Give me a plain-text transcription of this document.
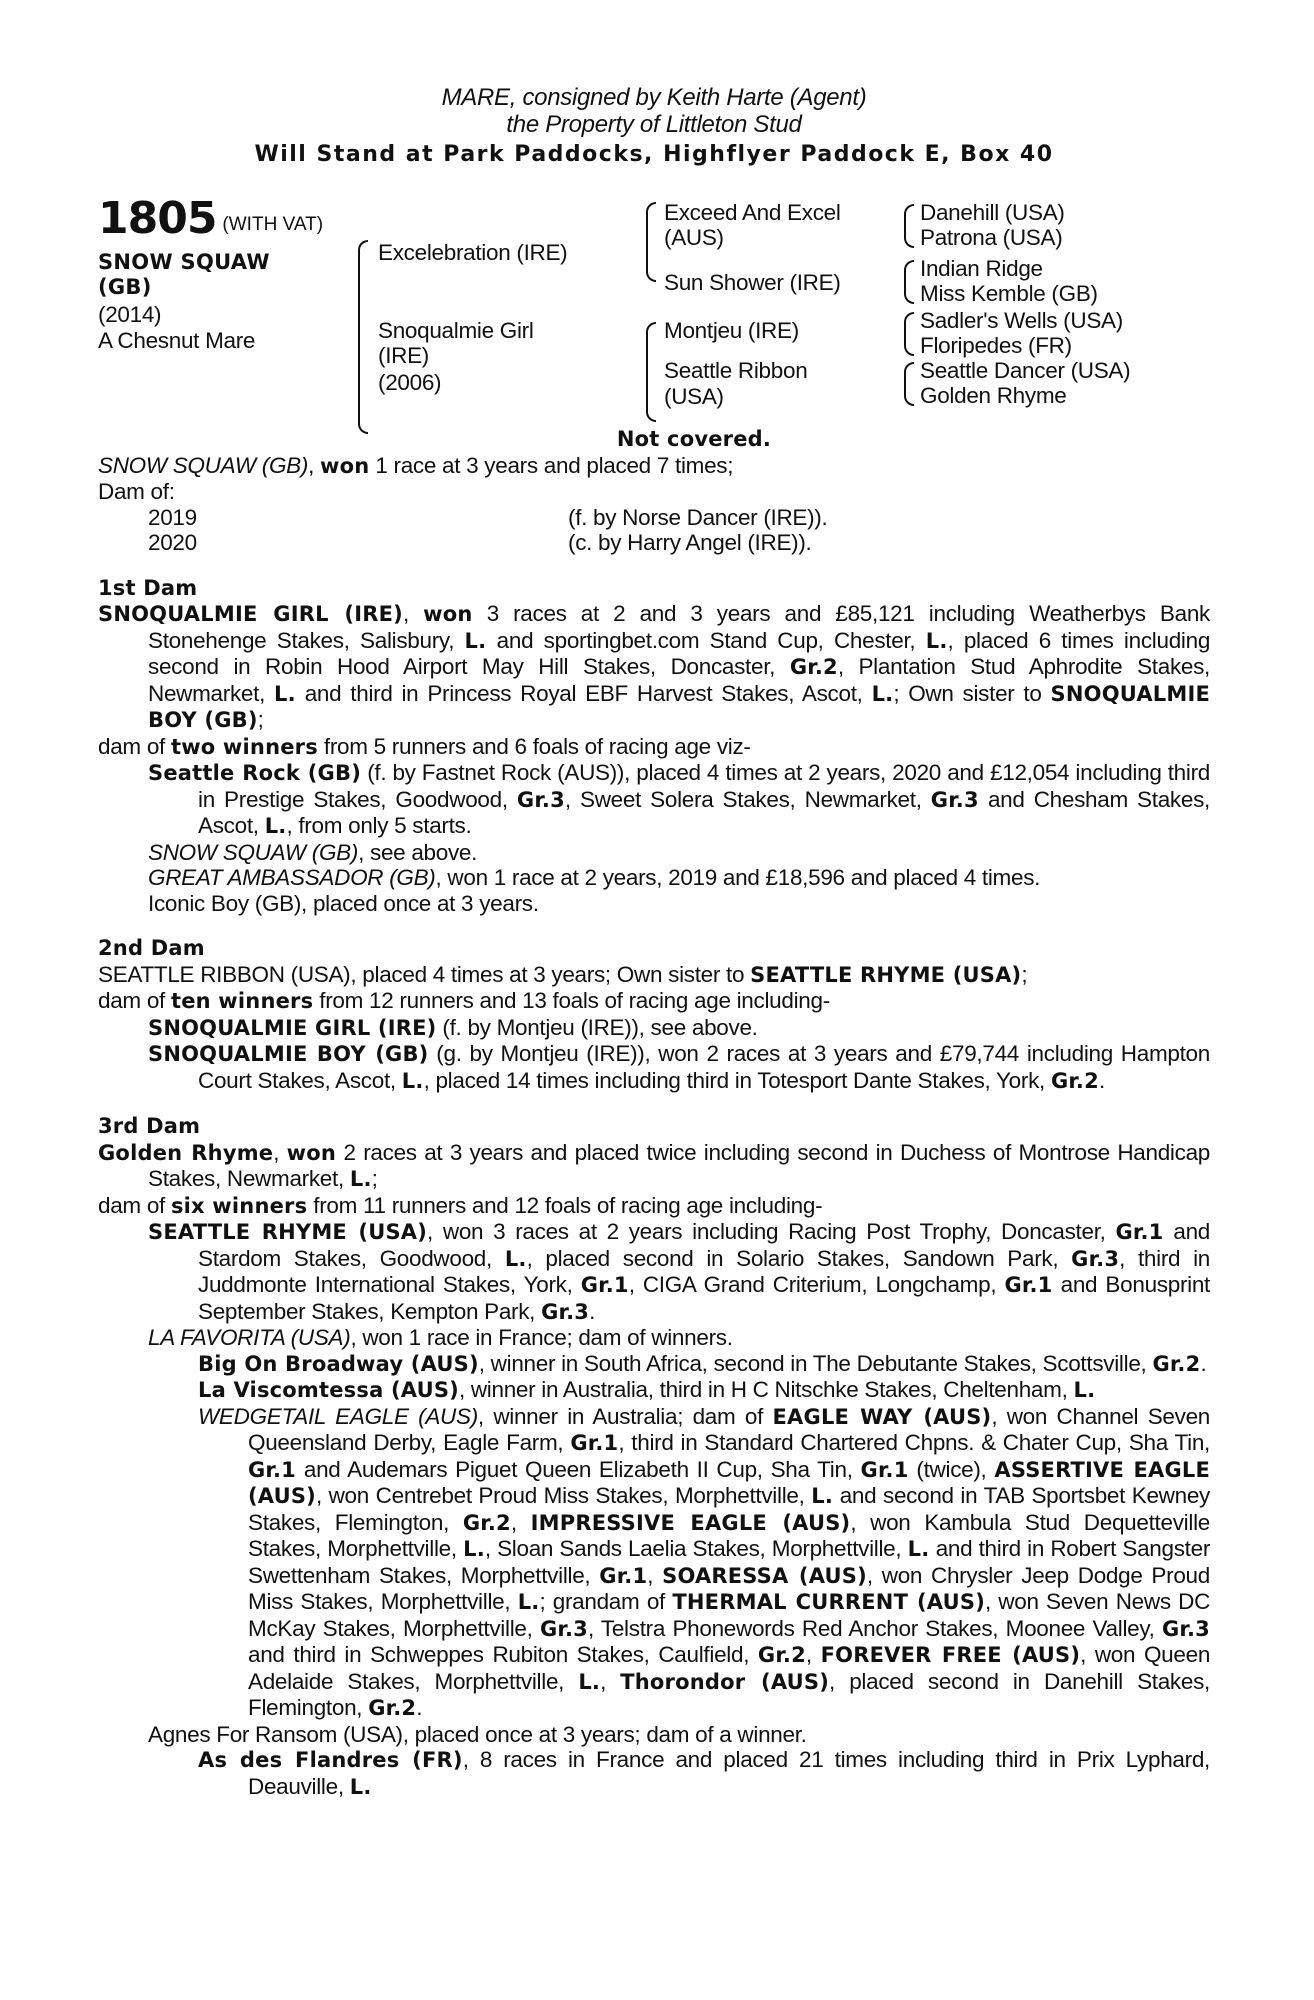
MARE, consigned by Keith Harte (Agent)
the Property of Littleton Stud
Will Stand at Park Paddocks, Highflyer Paddock E, Box 40
1805 (WITH VAT)
SNOW SQUAW
(GB)
(2014)
A Chesnut Mare
Excelebration (IRE)
Snoqualmie Girl
(IRE)
(2006)
Exceed And Excel
(AUS)
Sun Shower (IRE)
Montjeu (IRE)
Seattle Ribbon
(USA)
Danehill (USA)
Patrona (USA)
Indian Ridge
Miss Kemble (GB)
Sadler's Wells (USA)
Floripedes (FR)
Seattle Dancer (USA)
Golden Rhyme
Not covered.
SNOW SQUAW (GB), won 1 race at 3 years and placed 7 times;
Dam of:
2019	(f. by Norse Dancer (IRE)).
2020	(c. by Harry Angel (IRE)).
1st Dam
SNOQUALMIE GIRL (IRE), won 3 races at 2 and 3 years and £85,121 including Weatherbys Bank Stonehenge Stakes, Salisbury, L. and sportingbet.com Stand Cup, Chester, L., placed 6 times including second in Robin Hood Airport May Hill Stakes, Doncaster, Gr.2, Plantation Stud Aphrodite Stakes, Newmarket, L. and third in Princess Royal EBF Harvest Stakes, Ascot, L.; Own sister to SNOQUALMIE BOY (GB);
dam of two winners from 5 runners and 6 foals of racing age viz-
Seattle Rock (GB) (f. by Fastnet Rock (AUS)), placed 4 times at 2 years, 2020 and £12,054 including third in Prestige Stakes, Goodwood, Gr.3, Sweet Solera Stakes, Newmarket, Gr.3 and Chesham Stakes, Ascot, L., from only 5 starts.
SNOW SQUAW (GB), see above.
GREAT AMBASSADOR (GB), won 1 race at 2 years, 2019 and £18,596 and placed 4 times.
Iconic Boy (GB), placed once at 3 years.
2nd Dam
SEATTLE RIBBON (USA), placed 4 times at 3 years; Own sister to SEATTLE RHYME (USA);
dam of ten winners from 12 runners and 13 foals of racing age including-
SNOQUALMIE GIRL (IRE) (f. by Montjeu (IRE)), see above.
SNOQUALMIE BOY (GB) (g. by Montjeu (IRE)), won 2 races at 3 years and £79,744 including Hampton Court Stakes, Ascot, L., placed 14 times including third in Totesport Dante Stakes, York, Gr.2.
3rd Dam
Golden Rhyme, won 2 races at 3 years and placed twice including second in Duchess of Montrose Handicap Stakes, Newmarket, L.;
dam of six winners from 11 runners and 12 foals of racing age including-
SEATTLE RHYME (USA), won 3 races at 2 years including Racing Post Trophy, Doncaster, Gr.1 and Stardom Stakes, Goodwood, L., placed second in Solario Stakes, Sandown Park, Gr.3, third in Juddmonte International Stakes, York, Gr.1, CIGA Grand Criterium, Longchamp, Gr.1 and Bonusprint September Stakes, Kempton Park, Gr.3.
LA FAVORITA (USA), won 1 race in France; dam of winners.
Big On Broadway (AUS), winner in South Africa, second in The Debutante Stakes, Scottsville, Gr.2.
La Viscomtessa (AUS), winner in Australia, third in H C Nitschke Stakes, Cheltenham, L.
WEDGETAIL EAGLE (AUS), winner in Australia; dam of EAGLE WAY (AUS), won Channel Seven Queensland Derby, Eagle Farm, Gr.1, third in Standard Chartered Chpns. & Chater Cup, Sha Tin, Gr.1 and Audemars Piguet Queen Elizabeth II Cup, Sha Tin, Gr.1 (twice), ASSERTIVE EAGLE (AUS), won Centrebet Proud Miss Stakes, Morphettville, L. and second in TAB Sportsbet Kewney Stakes, Flemington, Gr.2, IMPRESSIVE EAGLE (AUS), won Kambula Stud Dequetteville Stakes, Morphettville, L., Sloan Sands Laelia Stakes, Morphettville, L. and third in Robert Sangster Swettenham Stakes, Morphettville, Gr.1, SOARESSA (AUS), won Chrysler Jeep Dodge Proud Miss Stakes, Morphettville, L.; grandam of THERMAL CURRENT (AUS), won Seven News DC McKay Stakes, Morphettville, Gr.3, Telstra Phonewords Red Anchor Stakes, Moonee Valley, Gr.3 and third in Schweppes Rubiton Stakes, Caulfield, Gr.2, FOREVER FREE (AUS), won Queen Adelaide Stakes, Morphettville, L., Thorondor (AUS), placed second in Danehill Stakes, Flemington, Gr.2.
Agnes For Ransom (USA), placed once at 3 years; dam of a winner.
As des Flandres (FR), 8 races in France and placed 21 times including third in Prix Lyphard, Deauville, L.
